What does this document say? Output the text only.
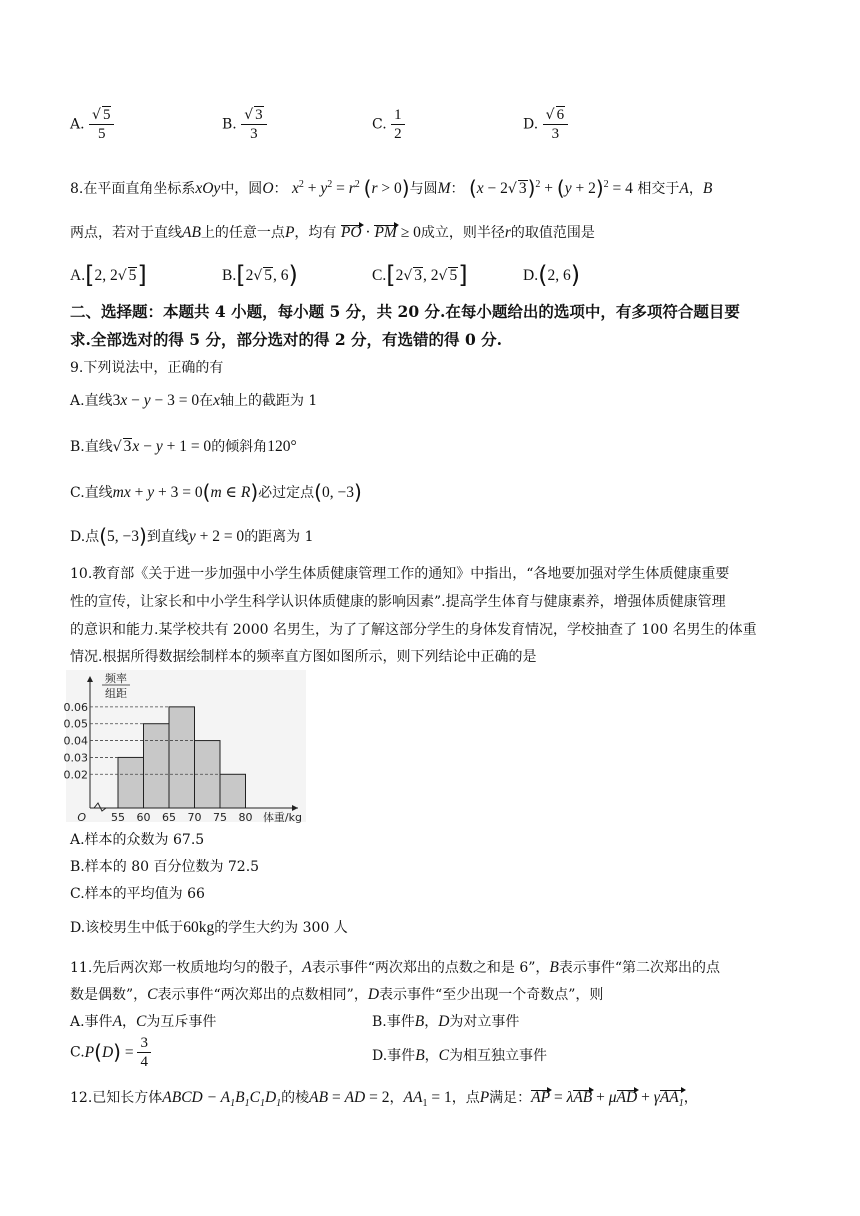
A. $\frac{√ 5}{5}$	B. $\frac{√ 3}{3}$	C. $\frac{1}{2}$	D. $\frac{√ 6}{3}$
8.在平面直角坐标系xOy中，圆O： $x^2 + y^2 = r^2$ (r > 0)与圆M： (x − 2√ $3)^2 + (y + 2)^2 = 4$ 相交于A，B
两点，若对于直线AB上的任意一点P，均有 PO · PM ≥ 0成立，则半径r的取值范围是
A.[2, 2√ 5]	B.[2√ 5, 6)	C.[2√ 3, 2√ 5]	D.(2, 6)
二、选择题：本题共 4 小题，每小题 5 分，共 20 分.在每小题给出的选项中，有多项符合题目要
求.全部选对的得 5 分，部分选对的得 2 分，有选错的得 0 分.
9.下列说法中，正确的有
A.直线3x − y − 3 = 0在x轴上的截距为 1
B.直线√ 3x − y + 1 = 0的倾斜角120°
C.直线mx + y + 3 = 0(m ∈ R)必过定点(0, −3)
D.点(5, −3)到直线y + 2 = 0的距离为 1
10.教育部《关于进一步加强中小学生体质健康管理工作的通知》中指出，“各地要加强对学生体质健康重要
性的宣传，让家长和中小学生科学认识体质健康的影响因素”.提高学生体育与健康素养，增强体质健康管理
的意识和能力.某学校共有 2000 名男生，为了了解这部分学生的身体发育情况，学校抽查了 100 名男生的体重
情况.根据所得数据绘制样本的频率直方图如图所示，则下列结论中正确的是
0.06
0.05
0.04
0.03
0.02
55 60 65 70 75 80
O
频率
组距
体重/kg
A.样本的众数为 67.5
B.样本的 80 百分位数为 72.5
C.样本的平均值为 66
D.该校男生中低于60kg的学生大约为 300 人
11.先后两次郑一枚质地均匀的骰子，A表示事件“两次郑出的点数之和是 6”，B表示事件“第二次郑出的点
数是偶数”，C表示事件“两次郑出的点数相同”，D表示事件“至少出现一个奇数点”，则
A.事件A，C为互斥事件	B.事件B，D为对立事件
$C.P(D) = \frac{3}{4}$	D.事件B，C为相互独立事件
12.已知长方体ABCD − $A_1B_1C_1D_1$的棱AB = AD = 2，$AA_1 = 1$，点P满足：AP = λAB + μAD + γAA$_1$，
